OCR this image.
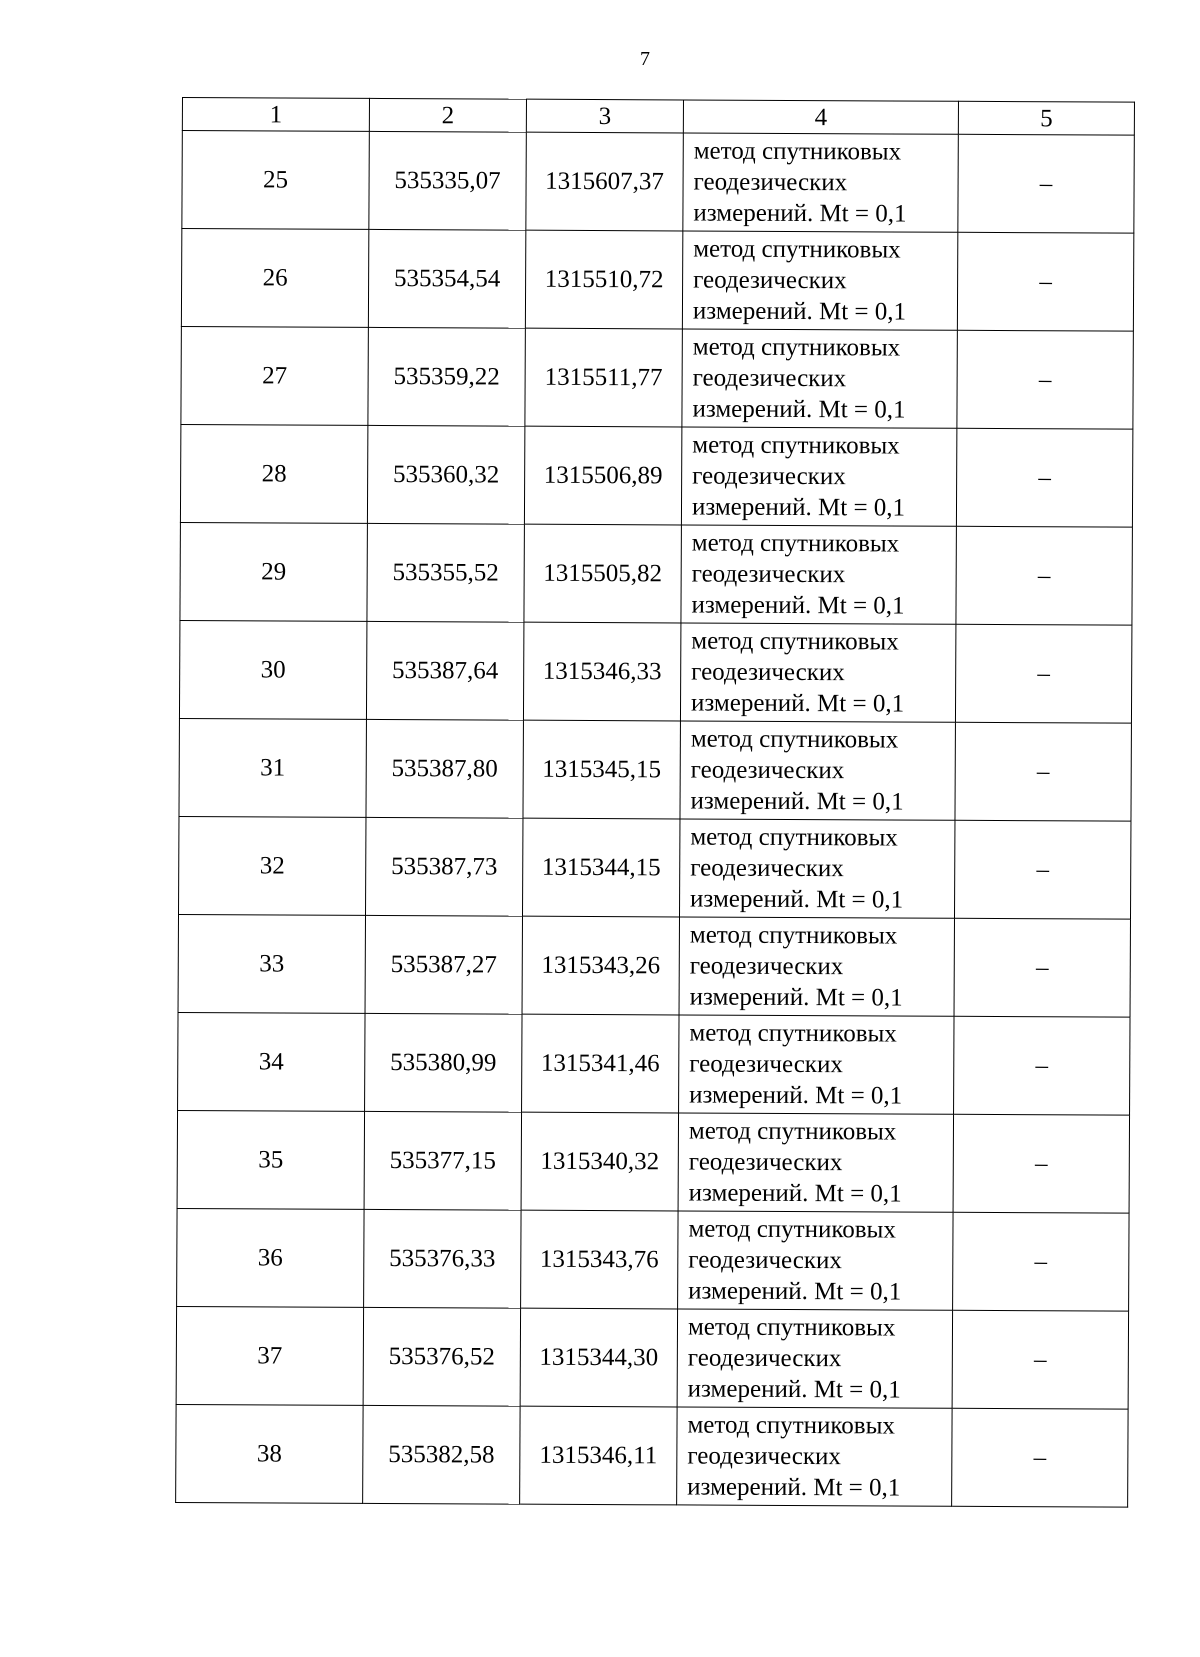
7
1	2	3	4	5
25	535335,07	1315607,37	метод спутниковых
геодезических
измерений. Mt = 0,1	–
26	535354,54	1315510,72	метод спутниковых
геодезических
измерений. Mt = 0,1	–
27	535359,22	1315511,77	метод спутниковых
геодезических
измерений. Mt = 0,1	–
28	535360,32	1315506,89	метод спутниковых
геодезических
измерений. Mt = 0,1	–
29	535355,52	1315505,82	метод спутниковых
геодезических
измерений. Mt = 0,1	–
30	535387,64	1315346,33	метод спутниковых
геодезических
измерений. Mt = 0,1	–
31	535387,80	1315345,15	метод спутниковых
геодезических
измерений. Mt = 0,1	–
32	535387,73	1315344,15	метод спутниковых
геодезических
измерений. Mt = 0,1	–
33	535387,27	1315343,26	метод спутниковых
геодезических
измерений. Mt = 0,1	–
34	535380,99	1315341,46	метод спутниковых
геодезических
измерений. Mt = 0,1	–
35	535377,15	1315340,32	метод спутниковых
геодезических
измерений. Mt = 0,1	–
36	535376,33	1315343,76	метод спутниковых
геодезических
измерений. Mt = 0,1	–
37	535376,52	1315344,30	метод спутниковых
геодезических
измерений. Mt = 0,1	–
38	535382,58	1315346,11	метод спутниковых
геодезических
измерений. Mt = 0,1	–
